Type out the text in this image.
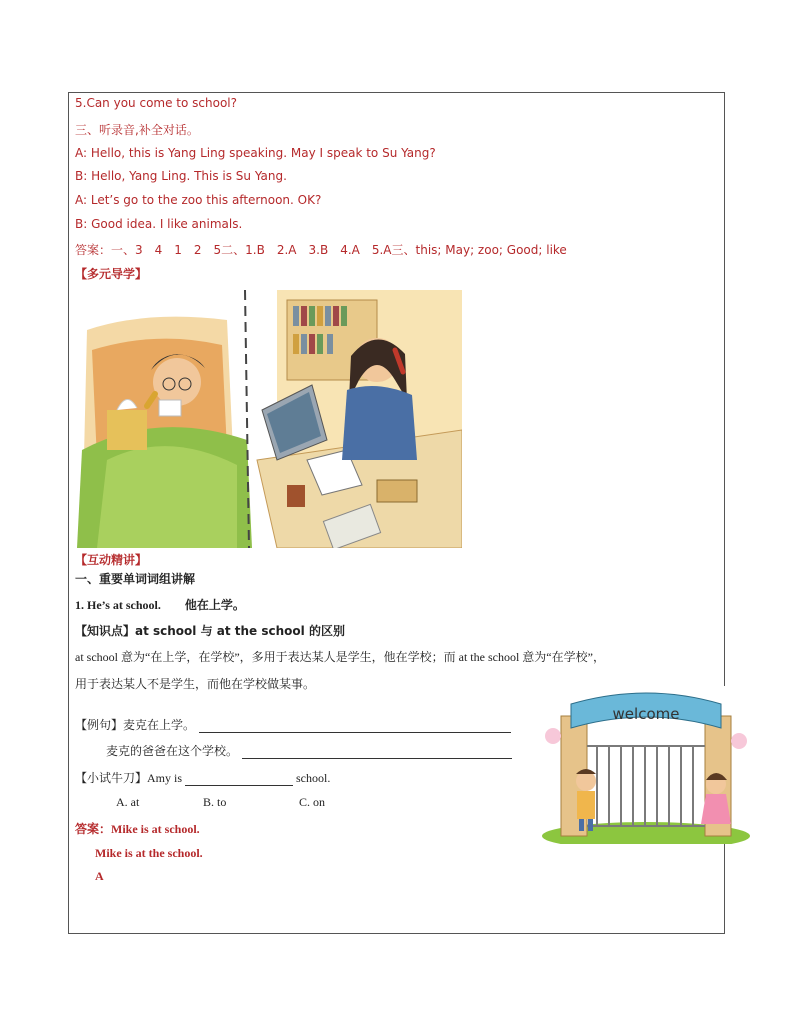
5.Can you come to school?
三、听录音,补全对话。
A: Hello, this is Yang Ling speaking. May I speak to Su Yang?
B: Hello, Yang Ling. This is Su Yang.
A: Let’s go to the zoo this afternoon. OK?
B: Good idea. I like animals.
答案：一、3　4　1　2　5二、1.B　2.A　3.B　4.A　5.A三、this; May; zoo; Good; like
【多元导学】
【互动精讲】
一、重要单词词组讲解
1. He’s at school.　　他在上学。
【知识点】at school 与 at the school 的区别
at school 意为“在上学，在学校”，多用于表达某人是学生，他在学校；而 at the school 意为“在学校”，
用于表达某人不是学生，而他在学校做某事。
【例句】麦克在上学。
麦克的爸爸在这个学校。
【小试牛刀】Amy is	school.
A. at	B. to	C. on
答案：Mike is at school.
Mike is at the school.
A
welcome
